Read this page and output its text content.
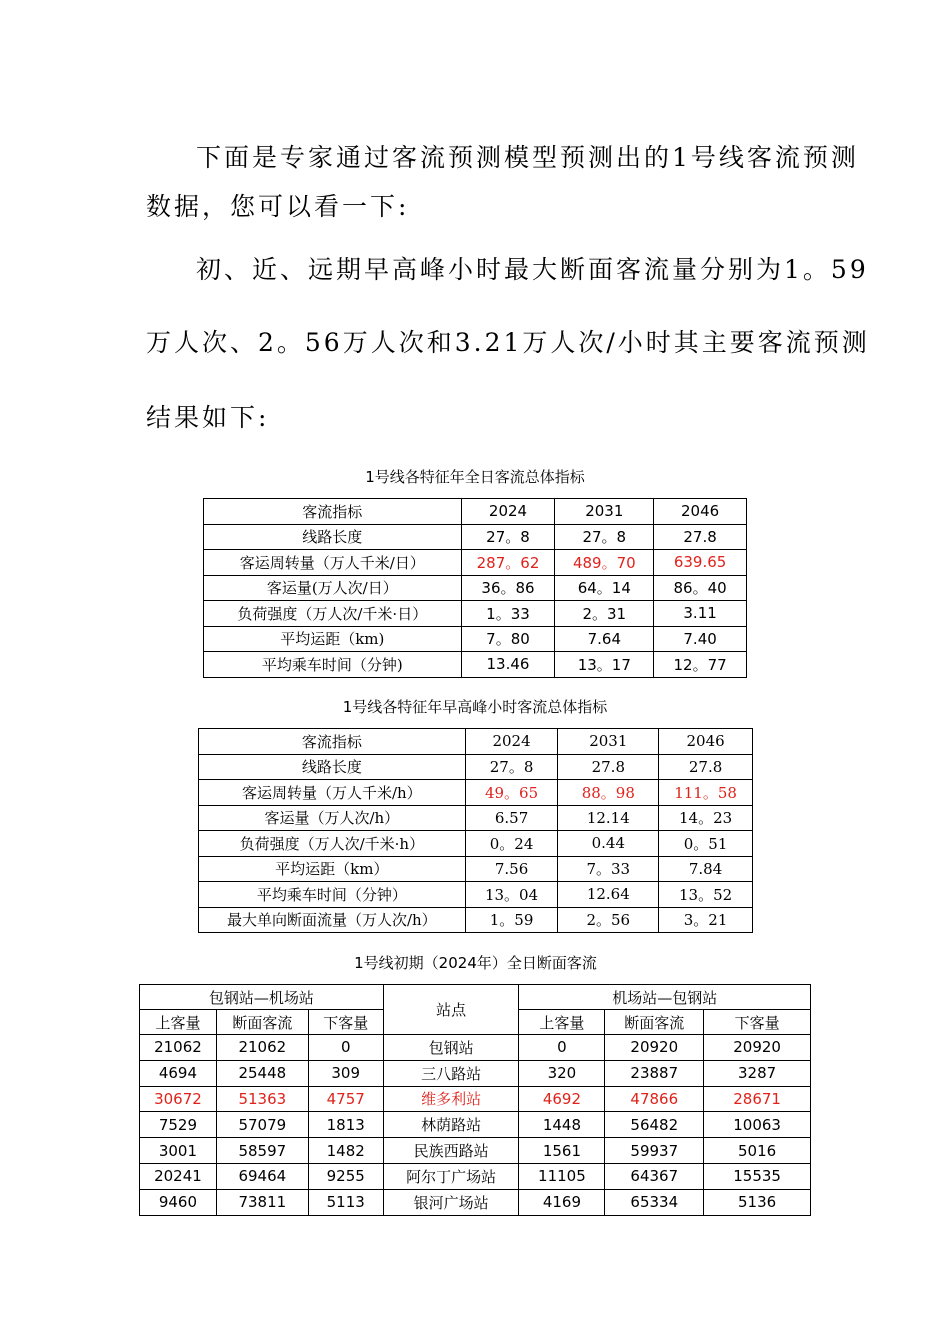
下面是专家通过客流预测模型预测出的1号线客流预测
数据，您可以看一下:
初、近、远期早高峰小时最大断面客流量分别为1。59
万人次、2。56万人次和3.21万人次/小时其主要客流预测
结果如下:
1号线各特征年全日客流总体指标
客流指标	2024	2031	2046
线路长度	27。8	27。8	27.8
客运周转量（万人千米/日）	287。62	489。70	639.65
客运量(万人次/日）	36。86	64。14	86。40
负荷强度（万人次/千米·日）	1。33	2。31	3.11
平均运距（km)	7。80	7.64	7.40
平均乘车时间（分钟)	13.46	13。17	12。77
1号线各特征年早高峰小时客流总体指标
客流指标	2024	2031	2046
线路长度	27。8	27.8	27.8
客运周转量（万人千米/h）	49。65	88。98	111。58
客运量（万人次/h）	6.57	12.14	14。23
负荷强度（万人次/千米·h）	0。24	0.44	0。51
平均运距（km）	7.56	7。33	7.84
平均乘车时间（分钟）	13。04	12.64	13。52
最大单向断面流量（万人次/h）	1。59	2。56	3。21
1号线初期（2024年）全日断面客流
包钢站—机场站			站点	机场站—包钢站		
上客量	断面客流	下客量		上客量	断面客流	下客量
21062	21062	0	包钢站	0	20920	20920
4694	25448	309	三八路站	320	23887	3287
30672	51363	4757	维多利站	4692	47866	28671
7529	57079	1813	林荫路站	1448	56482	10063
3001	58597	1482	民族西路站	1561	59937	5016
20241	69464	9255	阿尔丁广场站	11105	64367	15535
9460	73811	5113	银河广场站	4169	65334	5136
